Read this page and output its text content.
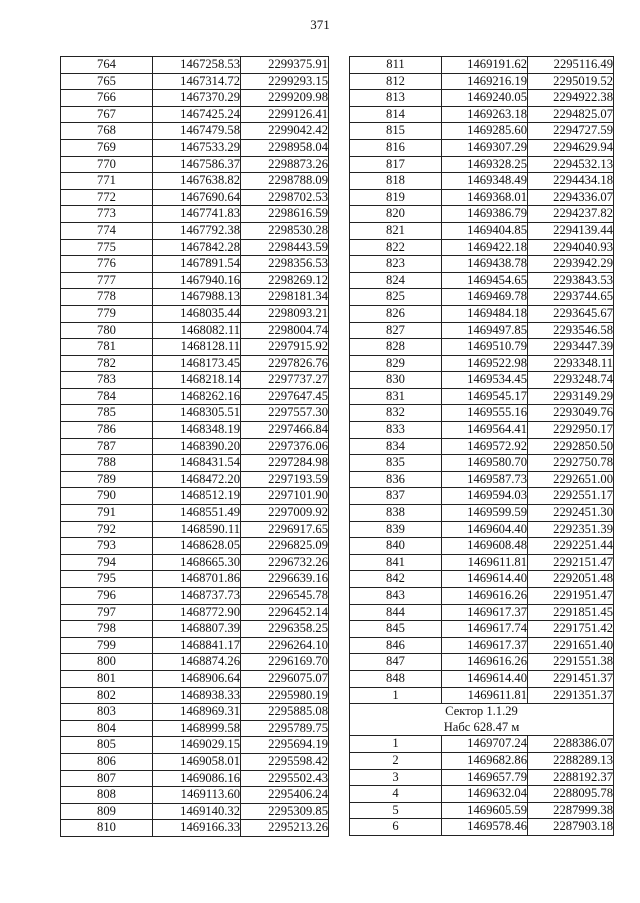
371
764	1467258.53	2299375.91
765	1467314.72	2299293.15
766	1467370.29	2299209.98
767	1467425.24	2299126.41
768	1467479.58	2299042.42
769	1467533.29	2298958.04
770	1467586.37	2298873.26
771	1467638.82	2298788.09
772	1467690.64	2298702.53
773	1467741.83	2298616.59
774	1467792.38	2298530.28
775	1467842.28	2298443.59
776	1467891.54	2298356.53
777	1467940.16	2298269.12
778	1467988.13	2298181.34
779	1468035.44	2298093.21
780	1468082.11	2298004.74
781	1468128.11	2297915.92
782	1468173.45	2297826.76
783	1468218.14	2297737.27
784	1468262.16	2297647.45
785	1468305.51	2297557.30
786	1468348.19	2297466.84
787	1468390.20	2297376.06
788	1468431.54	2297284.98
789	1468472.20	2297193.59
790	1468512.19	2297101.90
791	1468551.49	2297009.92
792	1468590.11	2296917.65
793	1468628.05	2296825.09
794	1468665.30	2296732.26
795	1468701.86	2296639.16
796	1468737.73	2296545.78
797	1468772.90	2296452.14
798	1468807.39	2296358.25
799	1468841.17	2296264.10
800	1468874.26	2296169.70
801	1468906.64	2296075.07
802	1468938.33	2295980.19
803	1468969.31	2295885.08
804	1468999.58	2295789.75
805	1469029.15	2295694.19
806	1469058.01	2295598.42
807	1469086.16	2295502.43
808	1469113.60	2295406.24
809	1469140.32	2295309.85
810	1469166.33	2295213.26
811	1469191.62	2295116.49
812	1469216.19	2295019.52
813	1469240.05	2294922.38
814	1469263.18	2294825.07
815	1469285.60	2294727.59
816	1469307.29	2294629.94
817	1469328.25	2294532.13
818	1469348.49	2294434.18
819	1469368.01	2294336.07
820	1469386.79	2294237.82
821	1469404.85	2294139.44
822	1469422.18	2294040.93
823	1469438.78	2293942.29
824	1469454.65	2293843.53
825	1469469.78	2293744.65
826	1469484.18	2293645.67
827	1469497.85	2293546.58
828	1469510.79	2293447.39
829	1469522.98	2293348.11
830	1469534.45	2293248.74
831	1469545.17	2293149.29
832	1469555.16	2293049.76
833	1469564.41	2292950.17
834	1469572.92	2292850.50
835	1469580.70	2292750.78
836	1469587.73	2292651.00
837	1469594.03	2292551.17
838	1469599.59	2292451.30
839	1469604.40	2292351.39
840	1469608.48	2292251.44
841	1469611.81	2292151.47
842	1469614.40	2292051.48
843	1469616.26	2291951.47
844	1469617.37	2291851.45
845	1469617.74	2291751.42
846	1469617.37	2291651.40
847	1469616.26	2291551.38
848	1469614.40	2291451.37
1	1469611.81	2291351.37

Сектор 1.1.29
Набс 628.47 м		

1	1469707.24	2288386.07
2	1469682.86	2288289.13
3	1469657.79	2288192.37
4	1469632.04	2288095.78
5	1469605.59	2287999.38
6	1469578.46	2287903.18
